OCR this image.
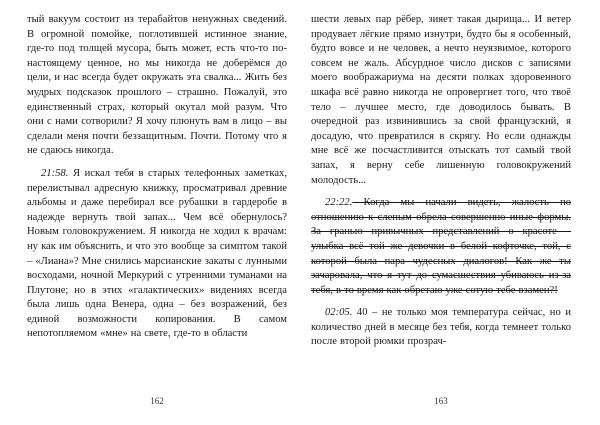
тый вакуум состоит из терабайтов ненужных сведений. В огромной помойке, поглотившей истинное знание, где-то под толщей мусора, быть может, есть что-то по-настоящему ценное, но мы никогда не доберёмся до цели, и нас всегда будет окружать эта свалка... Жить без мудрых подсказок прошлого – страшно. Пожалуй, это единственный страх, который окутал мой разум. Что они с нами сотворили? Я хочу плюнуть вам в лицо – вы сделали меня почти беззащитным. Почти. Потому что я не сдаюсь никогда.

21:58. Я искал тебя в старых телефонных заметках, перелистывал адресную книжку, просматривал древние альбомы и даже перебирал все рубашки в гардеробе в надежде вернуть твой запах... Чем всё обернулось? Новым головокружением. Я никогда не ходил к врачам: ну как им объяснить, и что это вообще за симптом такой – «Лиана»? Мне снились марсианские закаты с лунными восходами, ночной Меркурий с утренними туманами на Плутоне; но в этих «галактических» видениях всегда была лишь одна Венера, одна – без возражений, без единой возможности копирования. В самом непотопляемом «мне» на свете, где-то в области

162

шести левых пар рёбер, зияет такая дырища... И ветер продувает лёгкие прямо изнутри, будто бы я особенный, будто вовсе и не человек, а нечто неуязвимое, которого совсем не жаль. Абсурдное число дисков с записями моего воображариума на десяти полках здоровенного шкафа всё равно никогда не опровергнет того, что твоё тело – лучшее место, где доводилось бывать. В очередной раз извинившись за свой французский, я досадую, что превратился в скрягу. Но если однажды мне всё же посчастливится отыскать тот самый твой запах, я верну себе лишенную головокружений молодость...

22:22. Когда мы начали видеть, жалость по отношению к слепым обрела совершенно иные формы. За гранью привычных представлений о красоте – улыбка всё той же девочки в белой кофточке, той, с которой была пара чудесных диалогов! Как же ты зачаровала, что я тут до сумасшествия убиваюсь из-за тебя, в то время как обретаю уже сотую тебе взамен?!

02:05. 40 – не только моя температура сейчас, но и количество дней в месяце без тебя, когда темнеет только после второй рюмки прозрач-

163
